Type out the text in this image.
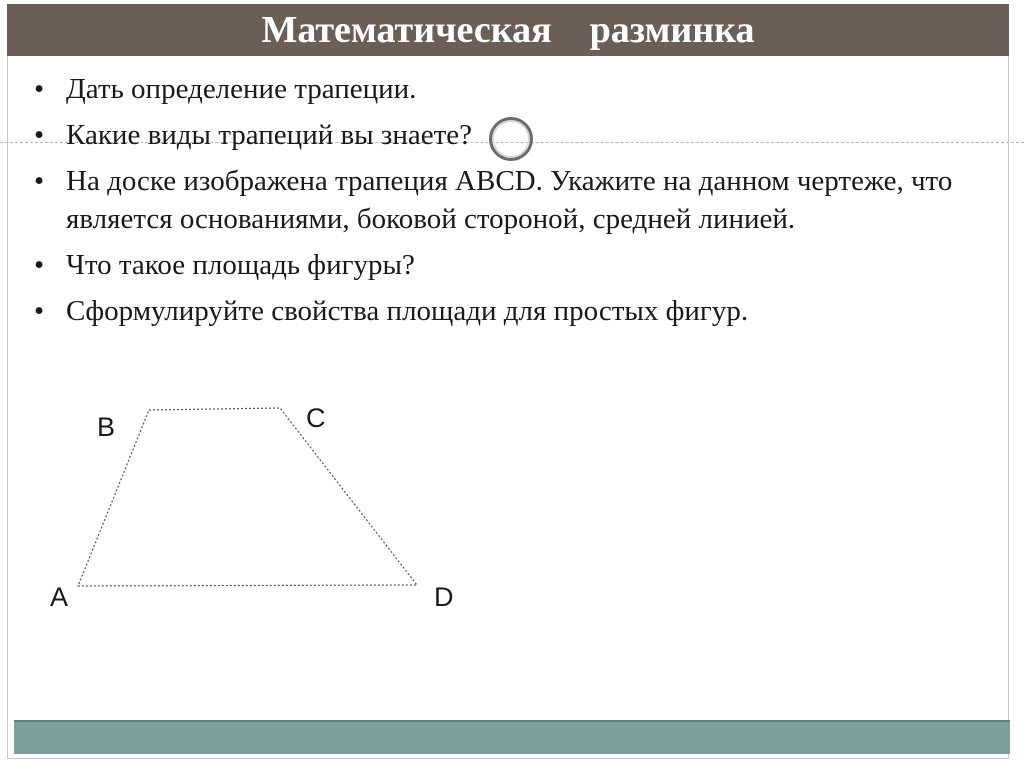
Математическая    разминка
• Дать определение трапеции.
• Какие виды трапеций вы знаете?
• На доске изображена трапеция ABCD. Укажите на данном чертеже, что является основаниями, боковой стороной, средней линией.
• Что такое площадь фигуры?
• Сформулируйте свойства площади для простых фигур.
B	C
A	D
